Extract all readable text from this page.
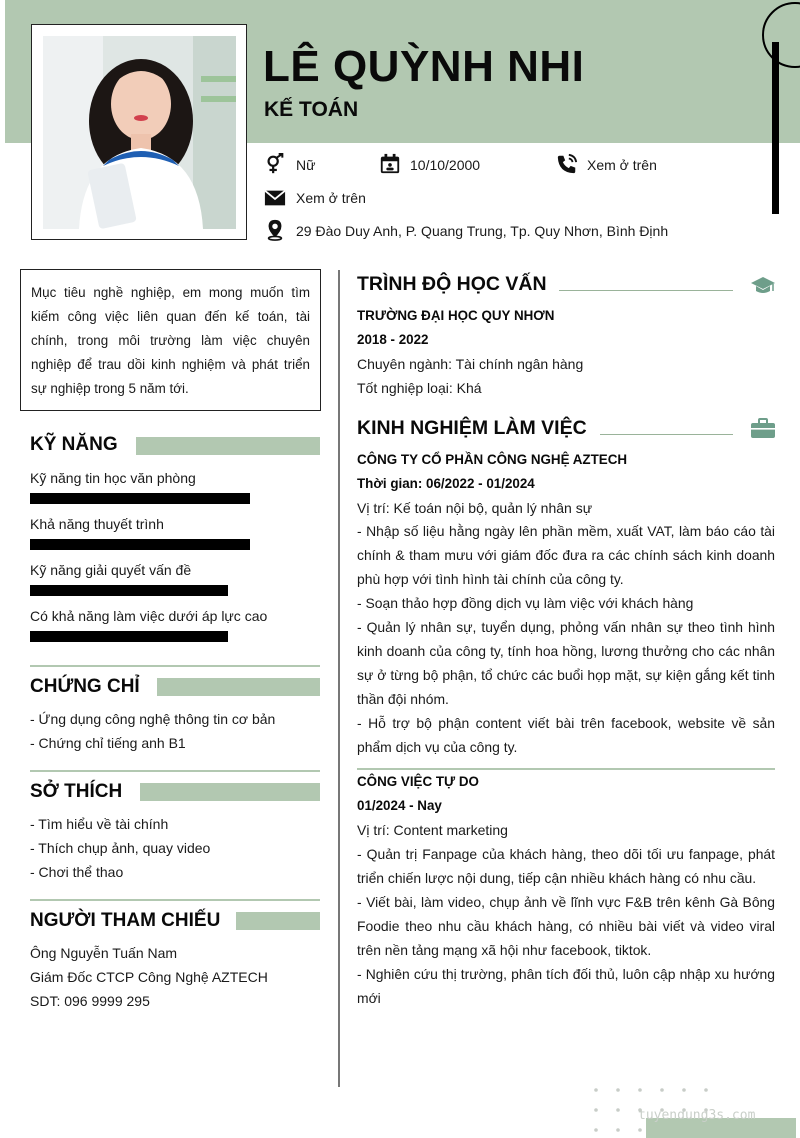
LÊ QUỲNH NHI
KẾ TOÁN
Nữ	10/10/2000	Xem ở trên
Xem ở trên
29 Đào Duy Anh, P. Quang Trung, Tp. Quy Nhơn, Bình Định
Mục tiêu nghề nghiệp, em mong muốn tìm kiếm công việc liên quan đến kế toán, tài chính, trong môi trường làm việc chuyên nghiệp để trau dồi kinh nghiệm và phát triển sự nghiệp trong 5 năm tới.
KỸ NĂNG
Kỹ năng tin học văn phòng
Khả năng thuyết trình
Kỹ năng giải quyết vấn đề
Có khả năng làm việc dưới áp lực cao
CHỨNG CHỈ
- Ứng dụng công nghệ thông tin cơ bản
- Chứng chỉ tiếng anh B1
SỞ THÍCH
- Tìm hiểu về tài chính
- Thích chụp ảnh, quay video
- Chơi thể thao
NGƯỜI THAM CHIẾU
Ông Nguyễn Tuấn Nam
Giám Đốc CTCP Công Nghệ AZTECH
SDT: 096 9999 295
TRÌNH ĐỘ HỌC VẤN
TRƯỜNG ĐẠI HỌC QUY NHƠN
2018 - 2022
Chuyên ngành: Tài chính ngân hàng
Tốt nghiệp loại: Khá
KINH NGHIỆM LÀM VIỆC
CÔNG TY CỔ PHẦN CÔNG NGHỆ AZTECH
Thời gian: 06/2022 - 01/2024
Vị trí: Kế toán nội bộ, quản lý nhân sự
- Nhập số liệu hằng ngày lên phần mềm, xuất VAT, làm báo cáo tài chính & tham mưu với giám đốc đưa ra các chính sách kinh doanh phù hợp với tình hình tài chính của công ty.
- Soạn thảo hợp đồng dịch vụ làm việc với khách hàng
- Quản lý nhân sự, tuyển dụng, phỏng vấn nhân sự theo tình hình kinh doanh của công ty, tính hoa hồng, lương thưởng cho các nhân sự ở từng bộ phận, tổ chức các buổi họp mặt, sự kiện gắng kết tinh thần đội nhóm.
- Hỗ trợ bộ phận content viết bài trên facebook, website về sản phẩm dịch vụ của công ty.
CÔNG VIỆC TỰ DO
01/2024 - Nay
Vị trí: Content marketing
- Quản trị Fanpage của khách hàng, theo dõi tối ưu fanpage, phát triển chiến lược nội dung, tiếp cận nhiều khách hàng có nhu cầu.
- Viết bài, làm video, chụp ảnh về lĩnh vực F&B trên kênh Gà Bông Foodie theo nhu cầu khách hàng, có nhiều bài viết và video viral trên nền tảng mạng xã hội như facebook, tiktok.
- Nghiên cứu thị trường, phân tích đối thủ, luôn cập nhập xu hướng mới
tuyendung3s.com
